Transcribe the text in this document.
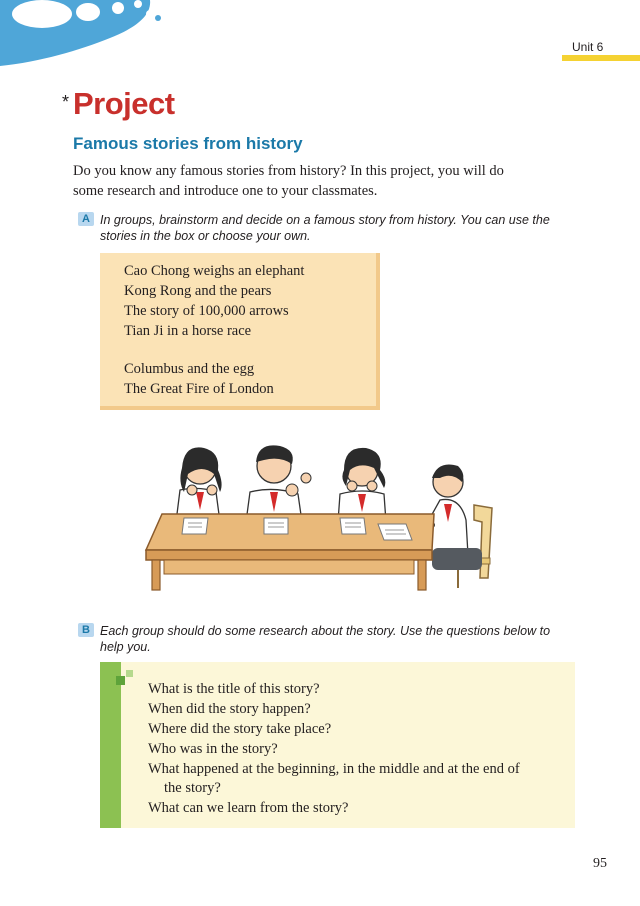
Unit 6
* Project
Famous stories from history

Do you know any famous stories from history? In this project, you will do

some research and introduce one to your classmates.

A In groups, brainstorm and decide on a famous story from history. You can use the

stories in the box or choose your own.

Cao Chong weighs an elephant
Kong Rong and the pears
The story of 100,000 arrows
Tian Ji in a horse race
Columbus and the egg
The Great Fire of London
B Each group should do some research about the story. Use the questions below to

help you.

What is the title of this story?
When did the story happen?
Where did the story take place?
Who was in the story?
What happened at the beginning, in the middle and at the end of
the story?
What can we learn from the story?
95
